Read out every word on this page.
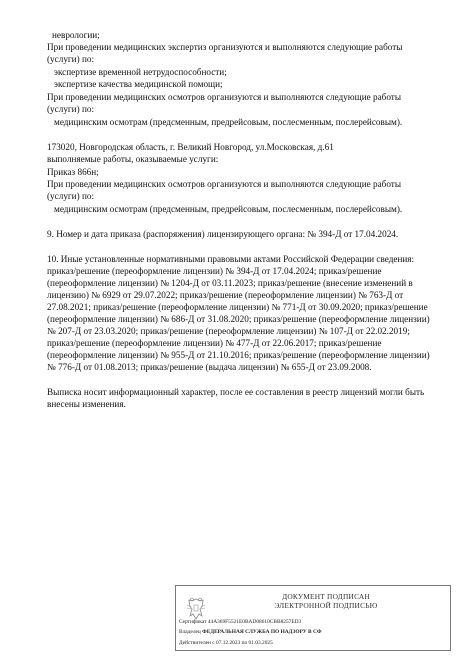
неврологии;
При проведении медицинских экспертиз организуются и выполняются следующие работы
(услуги) по:
экспертизе временной нетрудоспособности;
экспертизе качества медицинской помощи;
При проведении медицинских осмотров организуются и выполняются следующие работы
(услуги) по:
медицинским осмотрам (предсменным, предрейсовым, послесменным, послерейсовым).
173020, Новгородская область, г. Великий Новгород, ул.Московская, д.61
выполняемые работы, оказываемые услуги:
Приказ 866н;
При проведении медицинских осмотров организуются и выполняются следующие работы
(услуги) по:
медицинским осмотрам (предсменным, предрейсовым, послесменным, послерейсовым).
9. Номер и дата приказа (распоряжения) лицензирующего органа: № 394-Д от 17.04.2024.
10. Иные установленные нормативными правовыми актами Российской Федерации сведения:
приказ/решение (переоформление лицензии) № 394-Д от 17.04.2024; приказ/решение
(переоформление лицензии) № 1204-Д от 03.11.2023; приказ/решение (внесение изменений в
лицензию) № 6929 от 29.07.2022; приказ/решение (переоформление лицензии) № 763-Д от
27.08.2021; приказ/решение (переоформление лицензии) № 771-Д от 30.09.2020; приказ/решение
(переоформление лицензии) № 686-Д от 31.08.2020; приказ/решение (переоформление лицензии)
№ 207-Д от 23.03.2020; приказ/решение (переоформление лицензии) № 107-Д от 22.02.2019;
приказ/решение (переоформление лицензии) № 477-Д от 22.06.2017; приказ/решение
(переоформление лицензии) № 955-Д от 21.10.2016; приказ/решение (переоформление лицензии)
№ 776-Д от 01.08.2013; приказ/решение (выдача лицензии) № 655-Д от 23.09.2008.
Выписка носит информационный характер, после ее составления в реестр лицензий могли быть
внесены изменения.
ДОКУМЕНТ ПОДПИСАН
ЭЛЕКТРОННОЙ ПОДПИСЬЮ
Сертификат 44A369F5521E0BAD08610CBB8257ED3
Владелец ФЕДЕРАЛЬНАЯ СЛУЖБА ПО НАДЗОРУ В СФ
Действителен с 07.12.2023 по 01.03.2025
